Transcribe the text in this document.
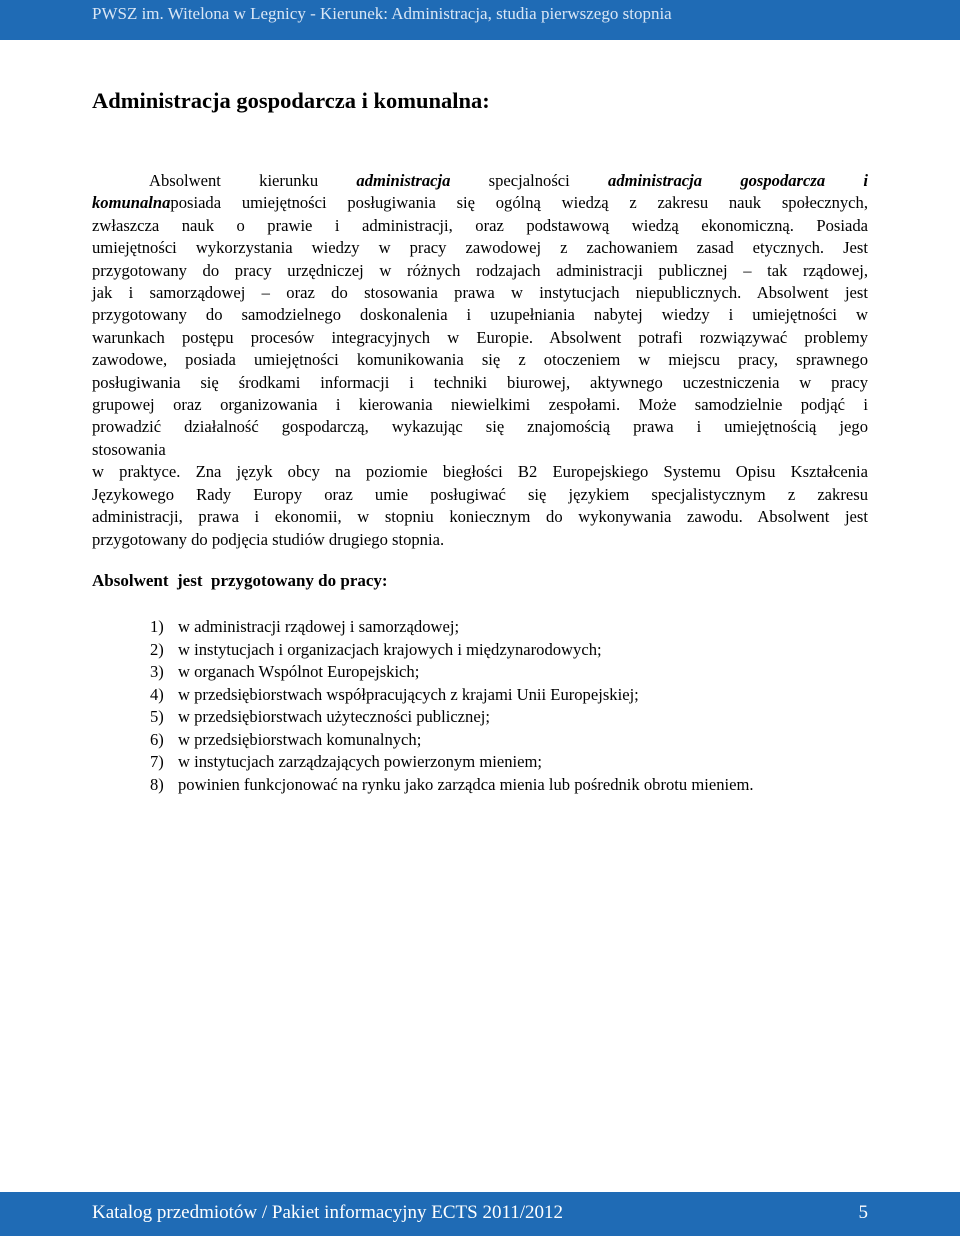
PWSZ im. Witelona w Legnicy - Kierunek: Administracja, studia pierwszego stopnia
Administracja gospodarcza i komunalna:
Absolwent kierunku administracja specjalności administracja gospodarcza i
komunalnaposiada umiejętności posługiwania się ogólną wiedzą z zakresu nauk społecznych,
zwłaszcza nauk o prawie i administracji, oraz podstawową wiedzą ekonomiczną. Posiada
umiejętności wykorzystania wiedzy w pracy zawodowej z zachowaniem zasad etycznych. Jest
przygotowany do pracy urzędniczej w różnych rodzajach administracji publicznej – tak rządowej,
jak i samorządowej – oraz do stosowania prawa w instytucjach niepublicznych. Absolwent jest
przygotowany do samodzielnego doskonalenia i uzupełniania nabytej wiedzy i umiejętności w
warunkach postępu procesów integracyjnych w Europie. Absolwent potrafi rozwiązywać problemy
zawodowe, posiada umiejętności komunikowania się z otoczeniem w miejscu pracy, sprawnego
posługiwania się środkami informacji i techniki biurowej, aktywnego uczestniczenia w pracy
grupowej oraz organizowania i kierowania niewielkimi zespołami. Może samodzielnie podjąć i
prowadzić działalność gospodarczą, wykazując się znajomością prawa i umiejętnością jego
stosowania
w praktyce. Zna język obcy na poziomie biegłości B2 Europejskiego Systemu Opisu Kształcenia
Językowego Rady Europy oraz umie posługiwać się językiem specjalistycznym z zakresu
administracji, prawa i ekonomii, w stopniu koniecznym do wykonywania zawodu. Absolwent jest
przygotowany do podjęcia studiów drugiego stopnia.
Absolwent  jest  przygotowany do pracy:
1) w administracji rządowej i samorządowej;
2) w instytucjach i organizacjach krajowych i międzynarodowych;
3) w organach Wspólnot Europejskich;
4) w przedsiębiorstwach współpracujących z krajami Unii Europejskiej;
5) w przedsiębiorstwach użyteczności publicznej;
6) w przedsiębiorstwach komunalnych;
7) w instytucjach zarządzających powierzonym mieniem;
8) powinien funkcjonować na rynku jako zarządca mienia lub pośrednik obrotu mieniem.
Katalog przedmiotów / Pakiet informacyjny ECTS 2011/2012	5
